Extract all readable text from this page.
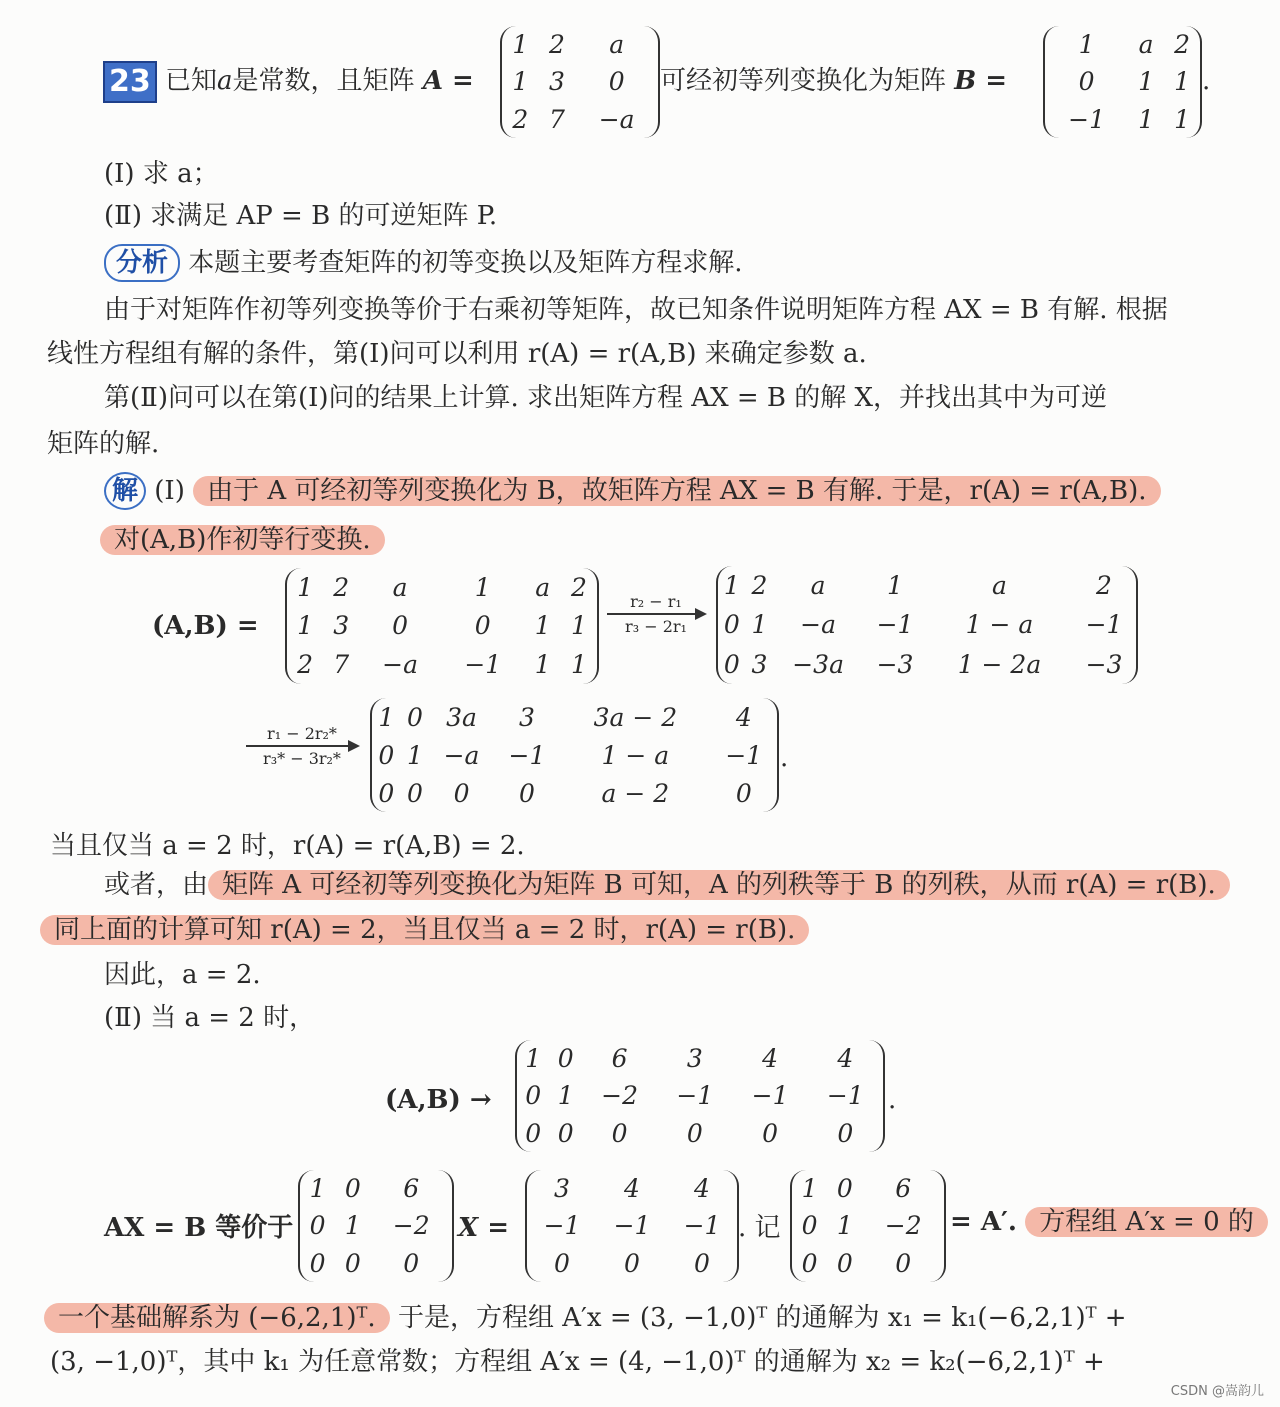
23 已知a是常数，且矩阵 A =
1	2	a
1	3	0
2	7	−a
可经初等列变换化为矩阵 B =
1	a	2
0	1	1
−1	1	1
.
(Ⅰ) 求 a；
(Ⅱ) 求满足 AP = B 的可逆矩阵 P.
分析 本题主要考查矩阵的初等变换以及矩阵方程求解.
由于对矩阵作初等列变换等价于右乘初等矩阵，故已知条件说明矩阵方程 AX = B 有解. 根据
线性方程组有解的条件，第(Ⅰ)问可以利用 r(A) = r(A,B) 来确定参数 a.
第(Ⅱ)问可以在第(Ⅰ)问的结果上计算. 求出矩阵方程 AX = B 的解 X，并找出其中为可逆
矩阵的解.
解 (Ⅰ) 由于 A 可经初等列变换化为 B，故矩阵方程 AX = B 有解. 于是，r(A) = r(A,B).
对(A,B)作初等行变换.
(A,B) =
1	2	a	1	a	2
1	3	0	0	1	1
2	7	−a	−1	1	1
r₂ − r₁
r₃ − 2r₁
1	2	a	1	a	2
0	1	−a	−1	1 − a	−1
0	3	−3a	−3	1 − 2a	−3
r₁ − 2r₂*
r₃* − 3r₂*
1	0	3a	3	3a − 2	4
0	1	−a	−1	1 − a	−1
0	0	0	0	a − 2	0
.
当且仅当 a = 2 时，r(A) = r(A,B) = 2.
或者，由 矩阵 A 可经初等列变换化为矩阵 B 可知，A 的列秩等于 B 的列秩，从而 r(A) = r(B).
同上面的计算可知 r(A) = 2，当且仅当 a = 2 时，r(A) = r(B).
因此，a = 2.
(Ⅱ) 当 a = 2 时，
(A,B) →
1	0	6	3	4	4
0	1	−2	−1	−1	−1
0	0	0	0	0	0
.
AX = B 等价于
1	0	6
0	1	−2
0	0	0
X =
3	4	4
−1	−1	−1
0	0	0
. 记
1	0	6
0	1	−2
0	0	0
= A′. 方程组 A′x = 0 的
一个基础解系为 (−6,2,1)ᵀ. 于是，方程组 A′x = (3, −1,0)ᵀ 的通解为 x₁ = k₁(−6,2,1)ᵀ +
(3, −1,0)ᵀ，其中 k₁ 为任意常数；方程组 A′x = (4, −1,0)ᵀ 的通解为 x₂ = k₂(−6,2,1)ᵀ +
CSDN @嵩韵儿
